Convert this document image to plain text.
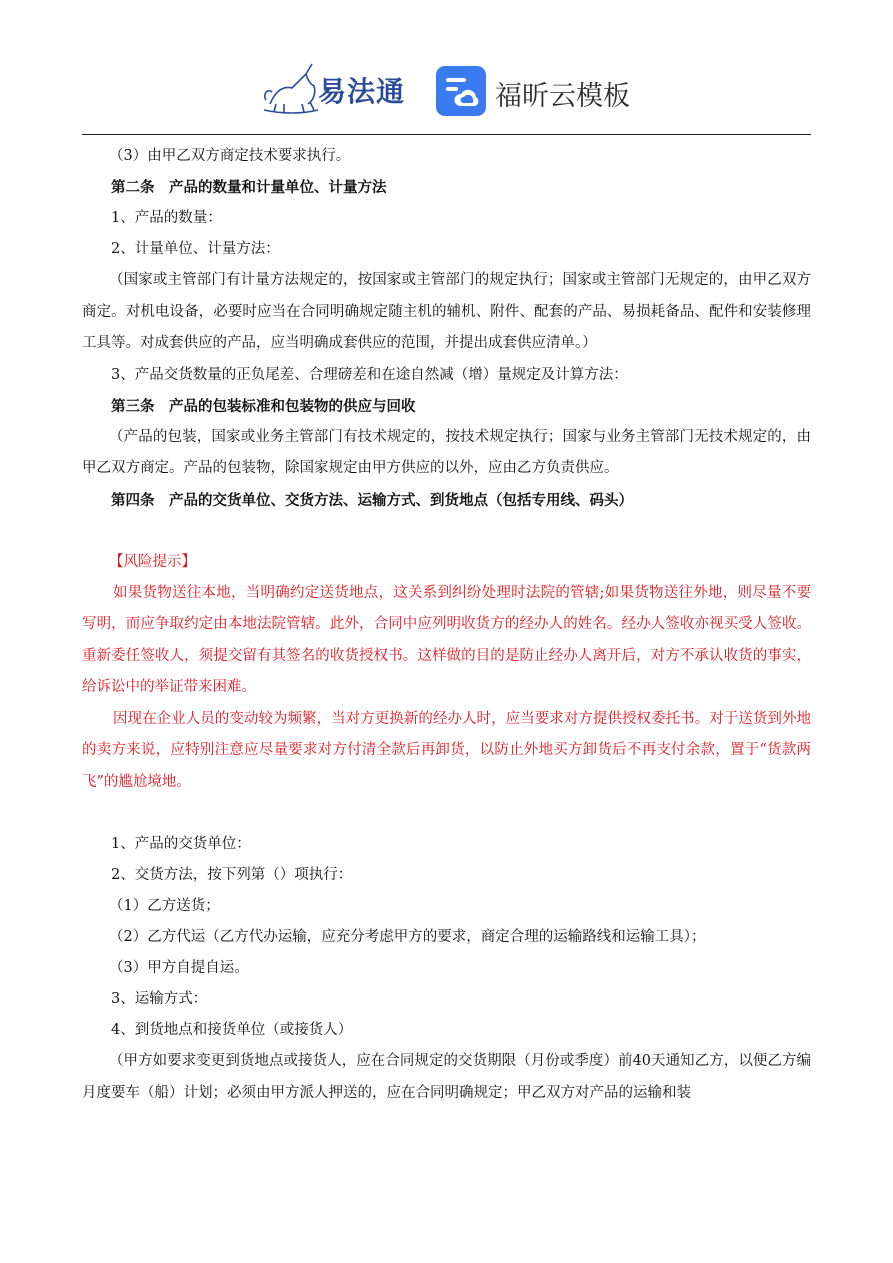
易法通	福昕云模板

（3）由甲乙双方商定技术要求执行。

第二条　产品的数量和计量单位、计量方法

1、产品的数量：

2、计量单位、计量方法：

（国家或主管部门有计量方法规定的，按国家或主管部门的规定执行；国家或主管部门无规定的，由甲乙双方商定。对机电设备，必要时应当在合同明确规定随主机的辅机、附件、配套的产品、易损耗备品、配件和安装修理工具等。对成套供应的产品，应当明确成套供应的范围，并提出成套供应清单。）

3、产品交货数量的正负尾差、合理磅差和在途自然减（增）量规定及计算方法：

第三条　产品的包装标准和包装物的供应与回收

（产品的包装，国家或业务主管部门有技术规定的，按技术规定执行；国家与业务主管部门无技术规定的，由甲乙双方商定。产品的包装物，除国家规定由甲方供应的以外，应由乙方负责供应。

第四条　产品的交货单位、交货方法、运输方式、到货地点（包括专用线、码头）

【风险提示】

如果货物送往本地，当明确约定送货地点，这关系到纠纷处理时法院的管辖;如果货物送往外地，则尽量不要写明，而应争取约定由本地法院管辖。此外，合同中应列明收货方的经办人的姓名。经办人签收亦视买受人签收。重新委任签收人，须提交留有其签名的收货授权书。这样做的目的是防止经办人离开后，对方不承认收货的事实，给诉讼中的举证带来困难。

因现在企业人员的变动较为频繁，当对方更换新的经办人时，应当要求对方提供授权委托书。对于送货到外地的卖方来说，应特别注意应尽量要求对方付清全款后再卸货，以防止外地买方卸货后不再支付余款，置于“货款两飞”的尴尬境地。

1、产品的交货单位：

2、交货方法，按下列第（）项执行：

（1）乙方送货；

（2）乙方代运（乙方代办运输，应充分考虑甲方的要求，商定合理的运输路线和运输工具）；

（3）甲方自提自运。

3、运输方式：

4、到货地点和接货单位（或接货人）

（甲方如要求变更到货地点或接货人，应在合同规定的交货期限（月份或季度）前40天通知乙方，以便乙方编月度要车（船）计划；必须由甲方派人押送的，应在合同明确规定；甲乙双方对产品的运输和装
